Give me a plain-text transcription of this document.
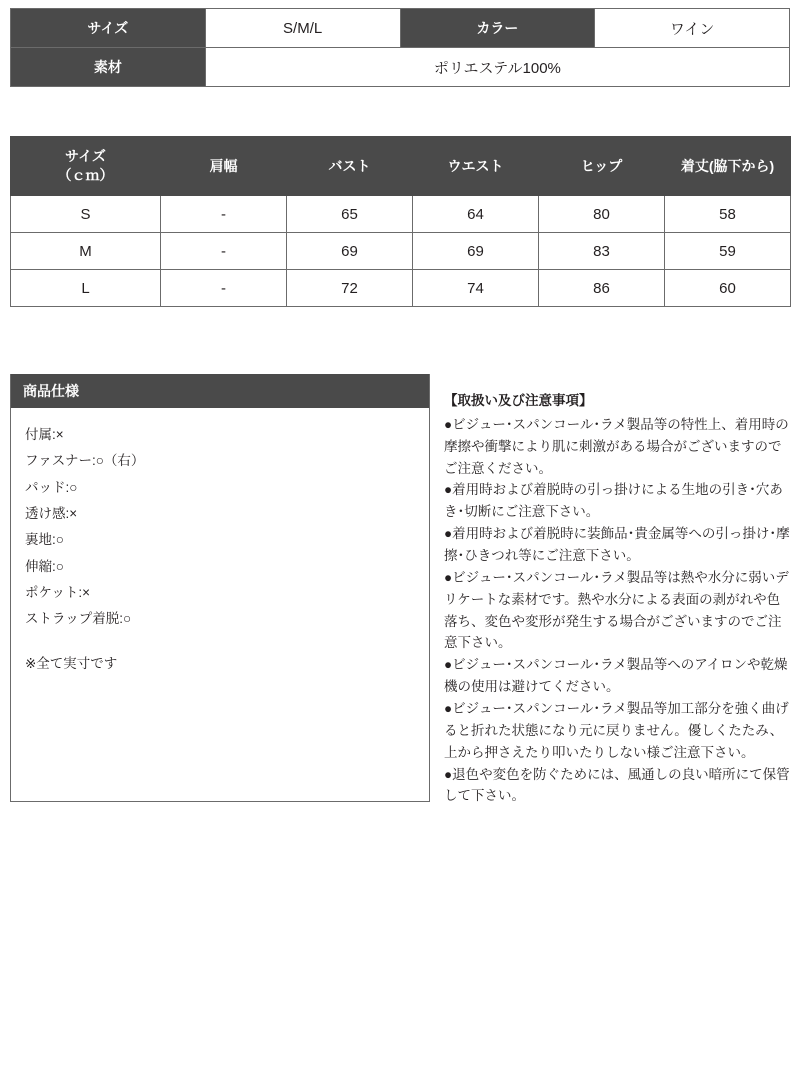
サイズ	S/M/L	カラー	ワイン
素材	ポリエステル100%		
サイズ
（ｃｍ）	肩幅	バスト	ウエスト	ヒップ	着丈(脇下から)
S	-	65	64	80	58
M	-	69	69	83	59
L	-	72	74	86	60
商品仕様
付属:×
ファスナー:○（右）
パッド:○
透け感:×
裏地:○
伸縮:○
ポケット:×
ストラップ着脱:○
※全て実寸です
【取扱い及び注意事項】

●ビジュー･スパンコール･ラメ製品等の特性上、着用時の摩擦や衝撃により肌に刺激がある場合がございますのでご注意ください。

●着用時および着脱時の引っ掛けによる生地の引き･穴あき･切断にご注意下さい。

●着用時および着脱時に装飾品･貴金属等への引っ掛け･摩擦･ひきつれ等にご注意下さい。

●ビジュー･スパンコール･ラメ製品等は熱や水分に弱いデリケートな素材です。熱や水分による表面の剥がれや色落ち、変色や変形が発生する場合がございますのでご注意下さい。

●ビジュー･スパンコール･ラメ製品等へのアイロンや乾燥機の使用は避けてください。

●ビジュー･スパンコール･ラメ製品等加工部分を強く曲げると折れた状態になり元に戻りません。優しくたたみ、上から押さえたり叩いたりしない様ご注意下さい。

●退色や変色を防ぐためには、風通しの良い暗所にて保管して下さい。
